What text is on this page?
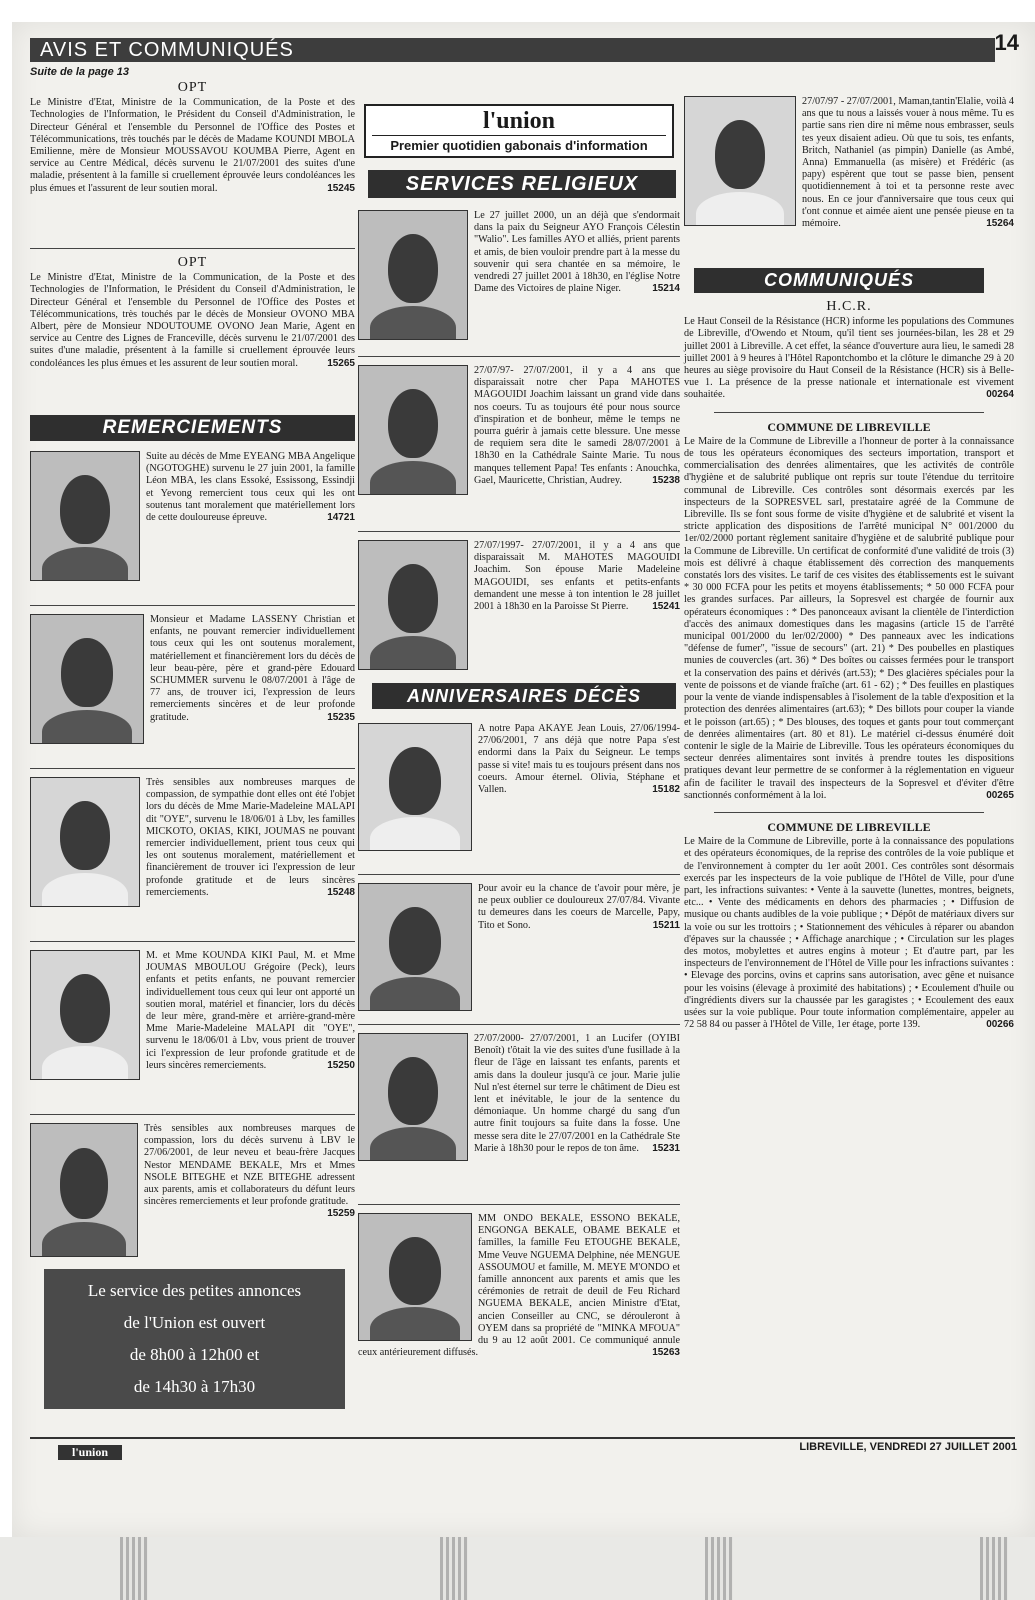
AVIS ET COMMUNIQUÉS	14
Suite de la page 13
OPT
Le Ministre d'Etat, Ministre de la Communication, de la Poste et des Technologies de l'Information, le Président du Conseil d'Administration, le Directeur Général et l'ensemble du Personnel de l'Office des Postes et Télécommunications, très touchés par le décès de Madame KOUNDI MBOLA Emilienne, mère de Monsieur MOUSSAVOU KOUMBA Pierre, Agent en service au Centre Médical, décès survenu le 21/07/2001 des suites d'une maladie, présentent à la famille si cruellement éprouvée leurs condoléances les plus émues et l'assurent de leur soutien moral.	15245
OPT
Le Ministre d'Etat, Ministre de la Communication, de la Poste et des Technologies de l'Information, le Président du Conseil d'Administration, le Directeur Général et l'ensemble du Personnel de l'Office des Postes et Télécommunications, très touchés par le décès de Monsieur OVONO MBA Albert, père de Monsieur NDOUTOUME OVONO Jean Marie, Agent en service au Centre des Lignes de Franceville, décès survenu le 21/07/2001 des suites d'une maladie, présentent à la famille si cruellement éprouvée leurs condoléances les plus émues et les assurent de leur soutien moral.	15265
REMERCIEMENTS
Suite au décès de Mme EYEANG MBA Angelique (NGOTOGHE) survenu le 27 juin 2001, la famille Léon MBA, les clans Essoké, Essissong, Essindji et Yevong remercient tous ceux qui les ont soutenus tant moralement que matériellement lors de cette douloureuse épreuve.	14721
Monsieur et Madame LASSENY Christian et enfants, ne pouvant remercier individuellement tous ceux qui les ont soutenus moralement, matériellement et financièrement lors du décès de leur beau-père, père et grand-père Edouard SCHUMMER survenu le 08/07/2001 à l'âge de 77 ans, de trouver ici, l'expression de leurs remerciements sincères et de leur profonde gratitude.	15235
Très sensibles aux nombreuses marques de compassion, de sympathie dont elles ont été l'objet lors du décès de Mme Marie-Madeleine MALAPI dit "OYE", survenu le 18/06/01 à Lbv, les familles MICKOTO, OKIAS, KIKI, JOUMAS ne pouvant remercier individuellement, prient tous ceux qui les ont soutenus moralement, matériellement et financièrement de trouver ici l'expression de leur profonde gratitude et de leurs sincères remerciements.	15248
M. et Mme KOUNDA KIKI Paul, M. et Mme JOUMAS MBOULOU Grégoire (Peck), leurs enfants et petits enfants, ne pouvant remercier individuellement tous ceux qui leur ont apporté un soutien moral, matériel et financier, lors du décès de leur mère, grand-mère et arrière-grand-mère Mme Marie-Madeleine MALAPI dit "OYE", survenu le 18/06/01 à Lbv, vous prient de trouver ici l'expression de leur profonde gratitude et de leurs sincères remerciements.	15250
Très sensibles aux nombreuses marques de compassion, lors du décès survenu à LBV le 27/06/2001, de leur neveu et beau-frère Jacques Nestor MENDAME BEKALE, Mrs et Mmes NSOLE BITEGHE et NZE BITEGHE adressent aux parents, amis et collaborateurs du défunt leurs sincères remerciements et leur profonde gratitude.
15259
Le service des petites annonces
de l'Union est ouvert
de 8h00 à 12h00 et
de 14h30 à 17h30
l'union
Premier quotidien gabonais d'information
SERVICES RELIGIEUX
Le 27 juillet 2000, un an déjà que s'endormait dans la paix du Seigneur AYO François Célestin "Walio". Les familles AYO et alliés, prient parents et amis, de bien vouloir prendre part à la messe du souvenir qui sera chantée en sa mémoire, le vendredi 27 juillet 2001 à 18h30, en l'église Notre Dame des Victoires de plaine Niger.	15214
27/07/97- 27/07/2001, il y a 4 ans que disparaissait notre cher Papa MAHOTES MAGOUIDI Joachim laissant un grand vide dans nos coeurs. Tu as toujours été pour nous source d'inspiration et de bonheur, même le temps ne pourra guérir à jamais cette blessure. Une messe de requiem sera dite le samedi 28/07/2001 à 18h30 en la Cathédrale Sainte Marie. Tu nous manques tellement Papa! Tes enfants : Anouchka, Gael, Mauricette, Christian, Audrey.	15238
27/07/1997- 27/07/2001, il y a 4 ans que disparaissait M. MAHOTES MAGOUIDI Joachim. Son épouse Marie Madeleine MAGOUIDI, ses enfants et petits-enfants demandent une messe à ton intention le 28 juillet 2001 à 18h30 en la Paroisse St Pierre. 15241
ANNIVERSAIRES DÉCÈS
A notre Papa AKAYE Jean Louis, 27/06/1994-27/06/2001, 7 ans déjà que notre Papa s'est endormi dans la Paix du Seigneur. Le temps passe si vite! mais tu es toujours présent dans nos coeurs. Amour éternel. Olivia, Stéphane et Vallen.	15182
Pour avoir eu la chance de t'avoir pour mère, je ne peux oublier ce douloureux 27/07/84. Vivante tu demeures dans les coeurs de Marcelle, Papy, Tito et Sono.	15211
27/07/2000- 27/07/2001, 1 an Lucifer (OYIBI Benoît) t'ôtait la vie des suites d'une fusillade à la fleur de l'âge en laissant tes enfants, parents et amis dans la douleur jusqu'à ce jour. Marie julie Nul n'est éternel sur terre le châtiment de Dieu est lent et inévitable, le jour de la sentence du démoniaque. Un homme chargé du sang d'un autre finit toujours sa fuite dans la fosse. Une messe sera dite le 27/07/2001 en la Cathédrale Ste Marie à 18h30 pour le repos de ton âme. 15231
MM ONDO BEKALE, ESSONO BEKALE, ENGONGA BEKALE, OBAME BEKALE et familles, la famille Feu ETOUGHE BEKALE, Mme Veuve NGUEMA Delphine, née MENGUE ASSOUMOU et famille, M. MEYE M'ONDO et famille annoncent aux parents et amis que les cérémonies de retrait de deuil de Feu Richard NGUEMA BEKALE, ancien Ministre d'Etat, ancien Conseiller au CNC, se dérouleront à OYEM dans sa propriété de "MINKA MFOUA" du 9 au 12 août 2001. Ce communiqué annule ceux antérieurement diffusés.	15263
27/07/97 - 27/07/2001, Maman,tantin'Elalie, voilà 4 ans que tu nous a laissés vouer à nous même. Tu es partie sans rien dire ni même nous embrasser, seuls tes yeux disaient adieu. Où que tu sois, tes enfants, Britch, Nathaniel (as pimpin) Danielle (as Ambé, Anna) Emmanuella (as misère) et Frédéric (as papy) espèrent que tout se passe bien, pensent quotidiennement à toi et ta personne reste avec nous. En ce jour d'anniversaire que tous ceux qui t'ont connue et aimée aient une pensée pieuse en ta mémoire.	15264
COMMUNIQUÉS
H.C.R.
Le Haut Conseil de la Résistance (HCR) informe les populations des Communes de Libreville, d'Owendo et Ntoum, qu'il tient ses journées-bilan, les 28 et 29 juillet 2001 à Libreville. A cet effet, la séance d'ouverture aura lieu, le samedi 28 juillet 2001 à 9 heures à l'Hôtel Rapontchombo et la clôture le dimanche 29 à 20 heures au siège provisoire du Haut Conseil de la Résistance (HCR) sis à Belle-vue 1. La présence de la presse nationale et internationale est vivement souhaitée.	00264
COMMUNE DE LIBREVILLE
Le Maire de la Commune de Libreville a l'honneur de porter à la connaissance de tous les opérateurs économiques des secteurs importation, transport et commercialisation des denrées alimentaires, que les activités de contrôle d'hygiène et de salubrité publique ont repris sur toute l'étendue du territoire communal de Libreville. Ces contrôles sont désormais exercés par les inspecteurs de la SOPRESVEL sarl, prestataire agréé de la Commune de Libreville. Ils se font sous forme de visite d'hygiène et de salubrité et visent la stricte application des dispositions de l'arrêté municipal N° 001/2000 du 1er/02/2000 portant règlement sanitaire d'hygiène et de salubrité publique pour la Commune de Libreville. Un certificat de conformité d'une validité de trois (3) mois est délivré à chaque établissement dès correction des manquements constatés lors des visites. Le tarif de ces visites des établissements est le suivant * 30 000 FCFA pour les petits et moyens établissements; * 50 000 FCFA pour les grandes surfaces. Par ailleurs, la Sopresvel est chargée de fournir aux opérateurs économiques : * Des panonceaux avisant la clientèle de l'interdiction d'accès des animaux domestiques dans les magasins (article 15 de l'arrêté municipal 001/2000 du ler/02/2000) * Des panneaux avec les indications "défense de fumer", "issue de secours" (art. 21) * Des poubelles en plastiques munies de couvercles (art. 36) * Des boîtes ou caisses fermées pour le transport et la conservation des pains et dérivés (art.53); * Des glacières spéciales pour la vente de poissons et de viande fraîche (art. 61 - 62) ; * Des feuilles en plastiques pour la vente de viande indispensables à l'isolement de la table d'exposition et la protection des denrées alimentaires (art.63); * Des billots pour couper la viande et le poisson (art.65) ; * Des blouses, des toques et gants pour tout commerçant de denrées alimentaires (art. 80 et 81). Le matériel ci-dessus énuméré doit contenir le sigle de la Mairie de Libreville. Tous les opérateurs économiques du secteur denrées alimentaires sont invités à prendre toutes les dispositions pratiques devant leur permettre de se conformer à la réglementation en vigueur afin de faciliter le travail des inspecteurs de la Sopresvel et d'éviter d'être sanctionnés conformément à la loi.	00265
COMMUNE DE LIBREVILLE
Le Maire de la Commune de Libreville, porte à la connaissance des populations et des opérateurs économiques, de la reprise des contrôles de la voie publique et de l'environnement à compter du 1er août 2001. Ces contrôles sont désormais exercés par les inspecteurs de la voie publique de l'Hôtel de Ville, pour d'une part, les infractions suivantes: • Vente à la sauvette (lunettes, montres, beignets, etc... • Vente des médicaments en dehors des pharmacies ; • Diffusion de musique ou chants audibles de la voie publique ; • Dépôt de matériaux divers sur la voie ou sur les trottoirs ; • Stationnement des véhicules à réparer ou abandon d'épaves sur la chaussée ; • Affichage anarchique ; • Circulation sur les plages des motos, mobylettes et autres engins à moteur ; Et d'autre part, par les inspecteurs de l'environnement de l'Hôtel de Ville pour les infractions suivantes : • Elevage des porcins, ovins et caprins sans autorisation, avec gêne et nuisance pour les voisins (élevage à proximité des habitations) ; • Ecoulement d'huile ou d'ingrédients divers sur la chaussée par les garagistes ; • Ecoulement des eaux usées sur la voie publique. Pour toute information complémentaire, appeler au 72 58 84 ou passer à l'Hôtel de Ville, 1er étage, porte 139.	00266
l'union	LIBREVILLE, VENDREDI 27 JUILLET 2001
